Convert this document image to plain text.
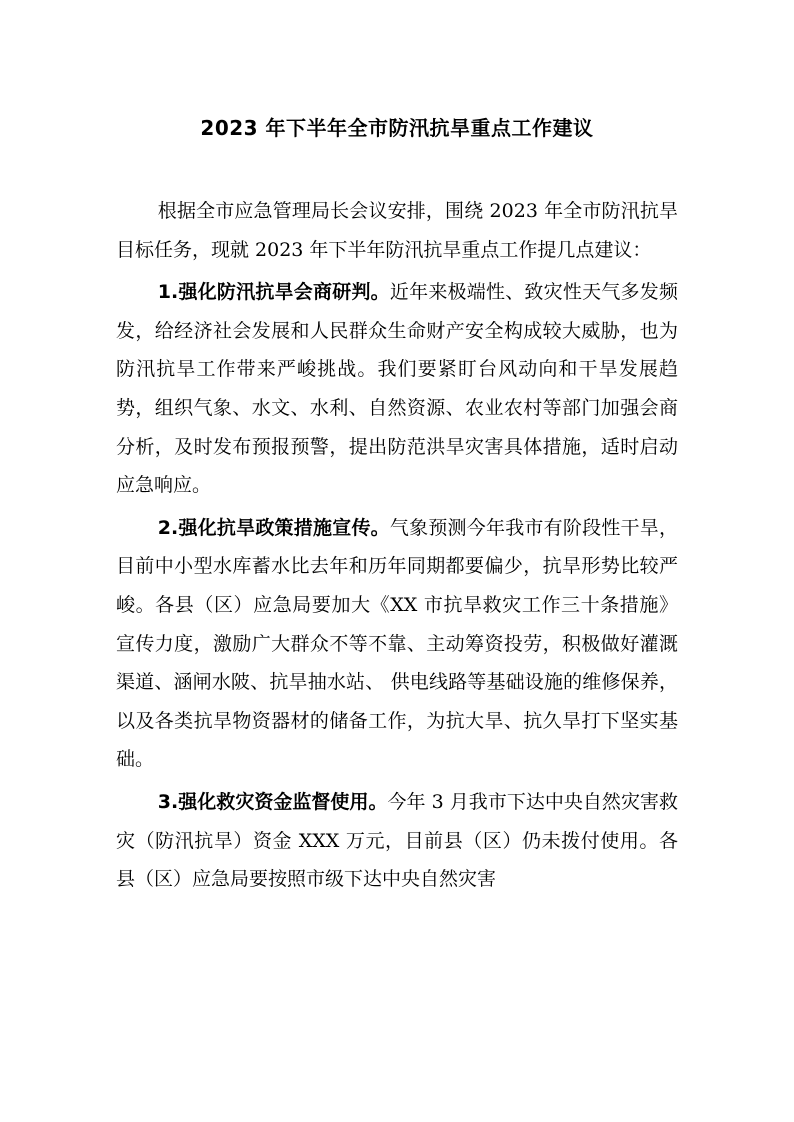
2023 年下半年全市防汛抗旱重点工作建议

根据全市应急管理局长会议安排，围绕 2023 年全市防汛抗旱目标任务，现就 2023 年下半年防汛抗旱重点工作提几点建议：

1.强化防汛抗旱会商研判。近年来极端性、致灾性天气多发频发，给经济社会发展和人民群众生命财产安全构成较大威胁，也为防汛抗旱工作带来严峻挑战。我们要紧盯台风动向和干旱发展趋势，组织气象、水文、水利、自然资源、农业农村等部门加强会商分析，及时发布预报预警，提出防范洪旱灾害具体措施，适时启动应急响应。

2.强化抗旱政策措施宣传。气象预测今年我市有阶段性干旱，目前中小型水库蓄水比去年和历年同期都要偏少，抗旱形势比较严峻。各县（区）应急局要加大《XX 市抗旱救灾工作三十条措施》宣传力度，激励广大群众不等不靠、主动筹资投劳，积极做好灌溉渠道、涵闸水陂、抗旱抽水站、 供电线路等基础设施的维修保养，以及各类抗旱物资器材的储备工作，为抗大旱、抗久旱打下坚实基础。

3.强化救灾资金监督使用。今年 3 月我市下达中央自然灾害救灾（防汛抗旱）资金 XXX 万元，目前县（区）仍未拨付使用。各县（区）应急局要按照市级下达中央自然灾害
